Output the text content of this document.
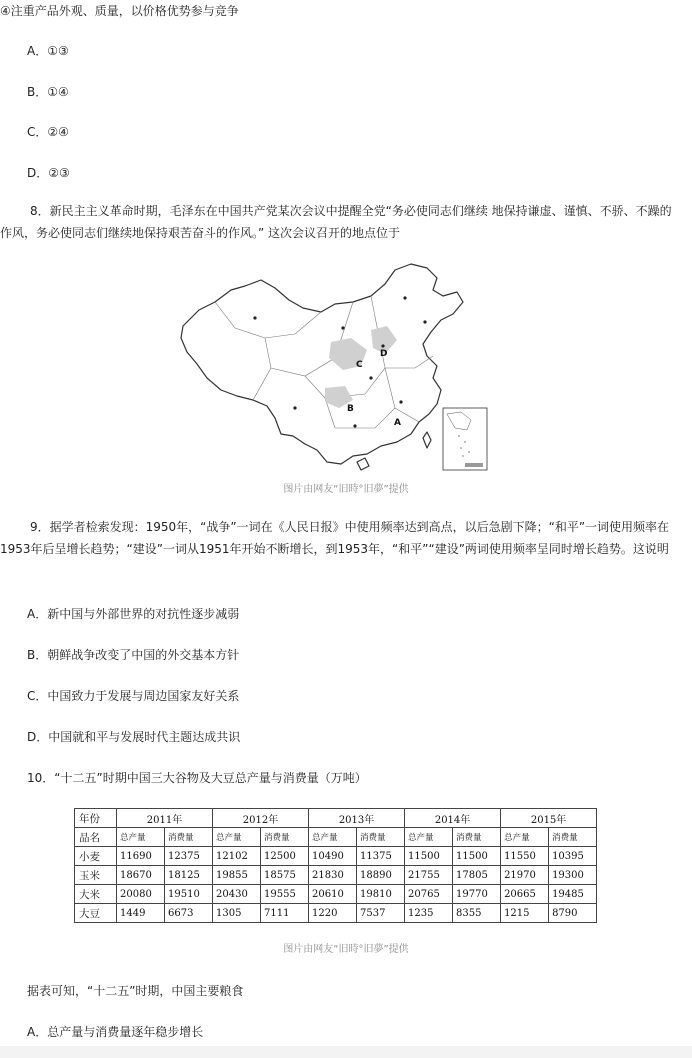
④注重产品外观、质量，以价格优势参与竞争
A．①③
B．①④
C．②④
D．②③
8．新民主主义革命时期，毛泽东在中国共产党某次会议中提醒全党“务必使同志们继续 地保持谦虚、谨慎、不骄、不躁的作风，务必使同志们继续地保持艰苦奋斗的作风。” 这次会议召开的地点位于
D
C
B
A
图片由网友“旧時°旧夢”提供
9．据学者检索发现：1950年，“战争”一词在《人民日报》中使用频率达到高点，以后急剧下降；“和平”一词使用频率在1953年后呈增长趋势；“建设”一词从1951年开始不断增长，到1953年，“和平”“建设”两词使用频率呈同时增长趋势。这说明
A．新中国与外部世界的对抗性逐步减弱
B．朝鲜战争改变了中国的外交基本方针
C．中国致力于发展与周边国家友好关系
D．中国就和平与发展时代主题达成共识
10．“十二五”时期中国三大谷物及大豆总产量与消费量（万吨）
年份	2011年		2012年		2013年		2014年		2015年	
品名	总产量	消费量	总产量	消费量	总产量	消费量	总产量	消费量	总产量	消费量
小麦	11690	12375	12102	12500	10490	11375	11500	11500	11550	10395
玉米	18670	18125	19855	18575	21830	18890	21755	17805	21970	19300
大米	20080	19510	20430	19555	20610	19810	20765	19770	20665	19485
大豆	1449	6673	1305	7111	1220	7537	1235	8355	1215	8790
图片由网友“旧時°旧夢”提供
据表可知，“十二五”时期，中国主要粮食
A．总产量与消费量逐年稳步增长
